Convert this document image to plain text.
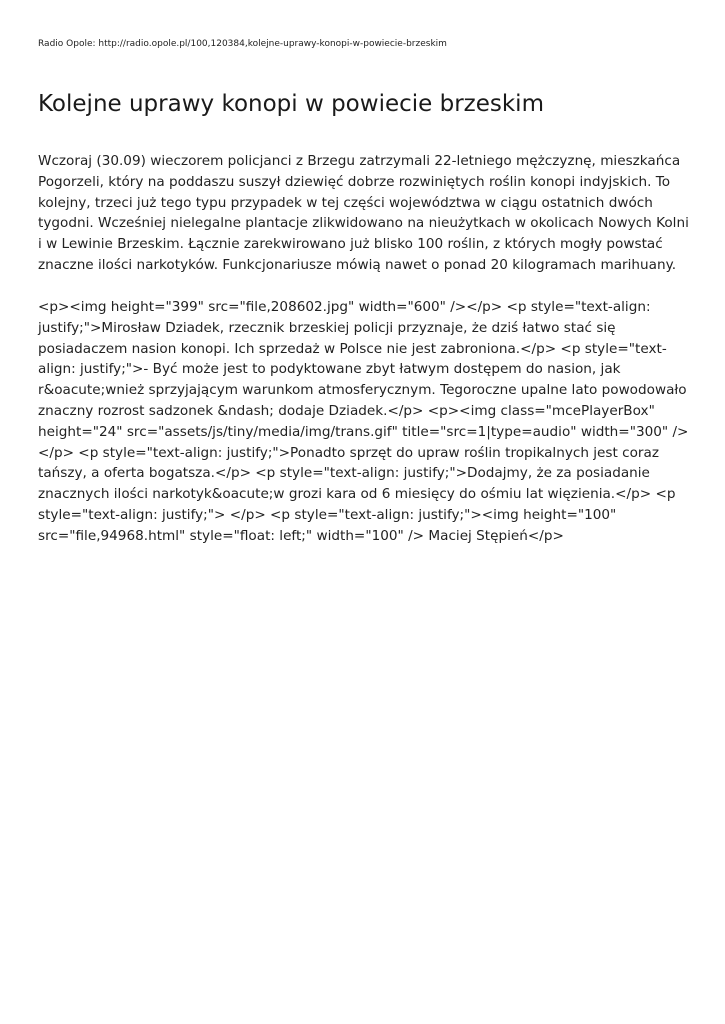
Radio Opole: http://radio.opole.pl/100,120384,kolejne-uprawy-konopi-w-powiecie-brzeskim
Kolejne uprawy konopi w powiecie brzeskim

Wczoraj (30.09) wieczorem policjanci z Brzegu zatrzymali 22-letniego mężczyznę, mieszkańca Pogorzeli, który na poddaszu suszył dziewięć dobrze rozwiniętych roślin konopi indyjskich. To kolejny, trzeci już tego typu przypadek w tej części województwa w ciągu ostatnich dwóch tygodni. Wcześniej nielegalne plantacje zlikwidowano na nieużytkach w okolicach Nowych Kolni i w Lewinie Brzeskim. Łącznie zarekwirowano już blisko 100 roślin, z których mogły powstać znaczne ilości narkotyków. Funkcjonariusze mówią nawet o ponad 20 kilogramach marihuany.

<p><img height="399" src="file,208602.jpg" width="600" /></p> <p style="text-align: justify;">Mirosław Dziadek, rzecznik brzeskiej policji przyznaje, że dziś łatwo stać się posiadaczem nasion konopi. Ich sprzedaż w Polsce nie jest zabroniona.</p> <p style="text-align: justify;">- Być może jest to podyktowane zbyt łatwym dostępem do nasion, jak r&oacute;wnież sprzyjającym warunkom atmosferycznym. Tegoroczne upalne lato powodowało znaczny rozrost sadzonek &ndash; dodaje Dziadek.</p> <p><img class="mcePlayerBox" height="24" src="assets/js/tiny/media/img/trans.gif" title="src=1|type=audio" width="300" /></p> <p style="text-align: justify;">Ponadto sprzęt do upraw roślin tropikalnych jest coraz tańszy, a oferta bogatsza.</p> <p style="text-align: justify;">Dodajmy, że za posiadanie znacznych ilości narkotyk&oacute;w grozi kara od 6 miesięcy do ośmiu lat więzienia.</p> <p style="text-align: justify;"> </p> <p style="text-align: justify;"><img height="100" src="file,94968.html" style="float: left;" width="100" /> Maciej Stępień</p>
